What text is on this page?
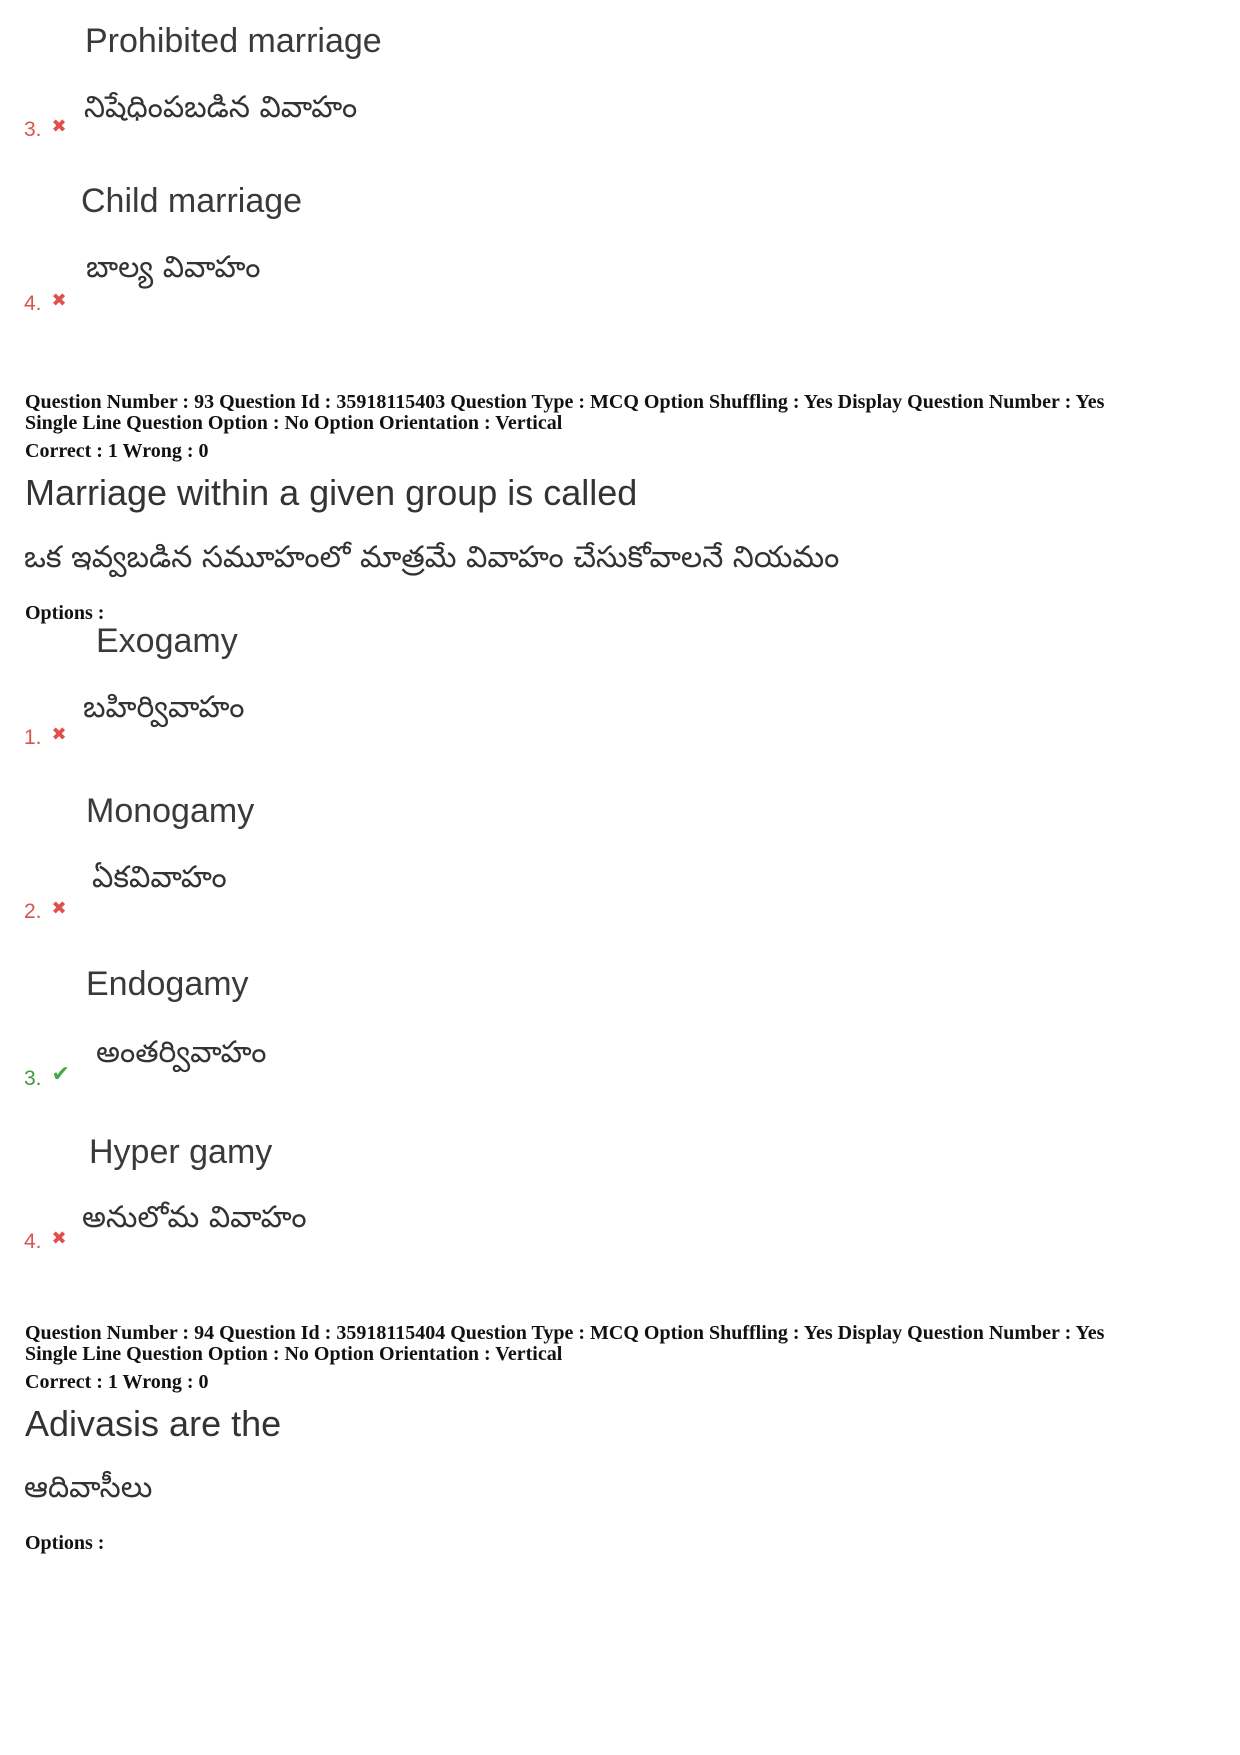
Prohibited marriage
నిషేధింపబడిన వివాహం
3. ✖
Child marriage
బాల్య వివాహం
4. ✖
Question Number : 93 Question Id : 35918115403 Question Type : MCQ Option Shuffling : Yes Display Question Number : Yes
Single Line Question Option : No Option Orientation : Vertical
Correct : 1 Wrong : 0
Marriage within a given group is called
ఒక ఇవ్వబడిన సమూహంలో మాత్రమే వివాహం చేసుకోవాలనే నియమం
Options :
Exogamy
బహిర్వివాహం
1. ✖
Monogamy
ఏకవివాహం
2. ✖
Endogamy
అంతర్వివాహం
3. ✔
Hyper gamy
అనులోమ వివాహం
4. ✖
Question Number : 94 Question Id : 35918115404 Question Type : MCQ Option Shuffling : Yes Display Question Number : Yes
Single Line Question Option : No Option Orientation : Vertical
Correct : 1 Wrong : 0
Adivasis are the
ఆదివాసీలు
Options :
